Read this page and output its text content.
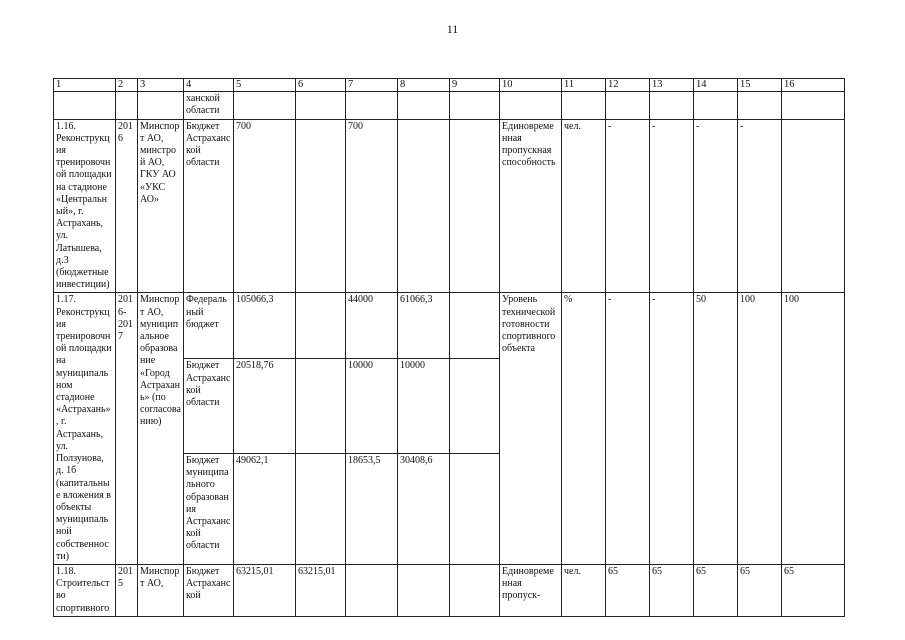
11
1	2	3	4	5	6	7	8	9	10	11	12	13	14	15	16
			ханской области												
1.16. Реконструкция тренировочной площадки на стадионе «Центральный», г. Астрахань, ул. Латышева, д.3 (бюджетные инвестиции)	2016	Минспорт АО, минстрой АО, ГКУ АО «УКС АО»	Бюджет Астраханской области	700		700			Единовременная пропускная способность	чел.	-	-	-	-	
1.17. Реконструкция тренировочной площадки на муниципальном стадионе «Астрахань», г. Астрахань, ул. Ползунова, д. 1б (капитальные вложения в объекты муниципальной собственности)	2016-2017	Минспорт АО, муниципальное образование «Город Астрахань» (по согласованию)	Федеральный бюджет	105066,3		44000	61066,3		Уровень технической готовности спортивного объекта	%	-	-	50	100	100
			Бюджет Астраханской области	20518,76		10000	10000								
			Бюджет муниципального образования Астраханской области	49062,1		18653,5	30408,6								
1.18. Строительство спортивного	2015	Минспорт АО,	Бюджет Астраханской	63215,01	63215,01				Единовременная пропуск-	чел.	65	65	65	65	65
